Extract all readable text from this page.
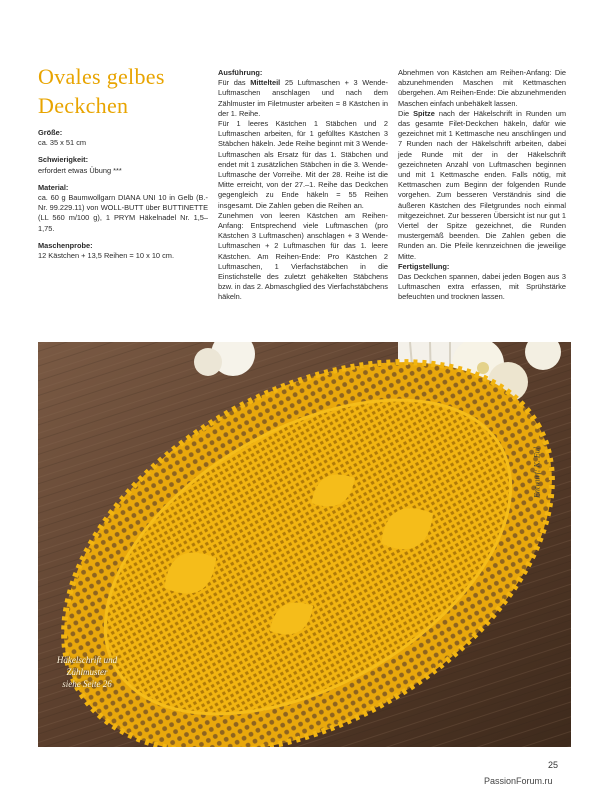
Ovales gelbes Deckchen
Größe:

ca. 35 x 51 cm

Schwierigkeit:

erfordert etwas Übung ***

Material:

ca. 60 g Baumwollgarn DIANA UNI 10 in Gelb (B.-Nr. 99.229.11) von WOLL-BUTT über BUTTINETTE (LL 560 m/100 g), 1 PRYM Häkelnadel Nr. 1,5–1,75.

Maschenprobe:

12 Kästchen + 13,5 Reihen = 10 x 10 cm.

Ausführung:

Für das Mittelteil 25 Luftmaschen + 3 Wende-Luftmaschen anschlagen und nach dem Zählmuster im Filetmuster arbeiten = 8 Kästchen in der 1. Reihe.

Für 1 leeres Kästchen 1 Stäbchen und 2 Luftmaschen arbeiten, für 1 gefülltes Kästchen 3 Stäbchen häkeln. Jede Reihe beginnt mit 3 Wende-Luftmaschen als Ersatz für das 1. Stäbchen und endet mit 1 zusätzlichen Stäbchen in die 3. Wende-Luftmasche der Vorreihe. Mit der 28. Reihe ist die Mitte erreicht, von der 27.–1. Reihe das Deckchen gegengleich zu Ende häkeln = 55 Reihen insgesamt. Die Zahlen geben die Reihen an.

Zunehmen von leeren Kästchen am Reihen-Anfang: Entsprechend viele Luftmaschen (pro Kästchen 3 Luftmaschen) anschlagen + 3 Wende-Luftmaschen + 2 Luftmaschen für das 1. leere Kästchen. Am Reihen-Ende: Pro Kästchen 2 Luftmaschen, 1 Vierfachstäbchen in die Einstichstelle des zuletzt gehäkelten Stäbchens bzw. in das 2. Abmaschglied des Vierfachstäbchens häkeln.

Abnehmen von Kästchen am Reihen-Anfang: Die abzunehmenden Maschen mit Kettmaschen übergehen. Am Reihen-Ende: Die abzunehmenden Maschen einfach unbehäkelt lassen.

Die Spitze nach der Häkelschrift in Runden um das gesamte Filet-Deckchen häkeln, dafür wie gezeichnet mit 1 Kettmasche neu anschlingen und 7 Runden nach der Häkelschrift arbeiten, dabei jede Runde mit der in der Häkelschrift gezeichneten Anzahl von Luftmaschen beginnen und mit 1 Kettmasche enden. Falls nötig, mit Kettmaschen zum Beginn der folgenden Runde vorgehen. Zum besseren Verständnis sind die äußeren Kästchen des Filetgrundes noch einmal mitgezeichnet. Zur besseren Übersicht ist nur gut 1 Viertel der Spitze gezeichnet, die Runden mustergemäß beenden. Die Zahlen geben die Runden an. Die Pfeile kennzeichnen die jeweilige Mitte.

Fertigstellung:

Das Deckchen spannen, dabei jeden Bogen aus 3 Luftmaschen extra erfassen, mit Sprühstärke befeuchten und trocknen lassen.

Entwurf: K. Eul
Häkelschrift und
Zählmuster
siehe Seite 26
25
PassionForum.ru
